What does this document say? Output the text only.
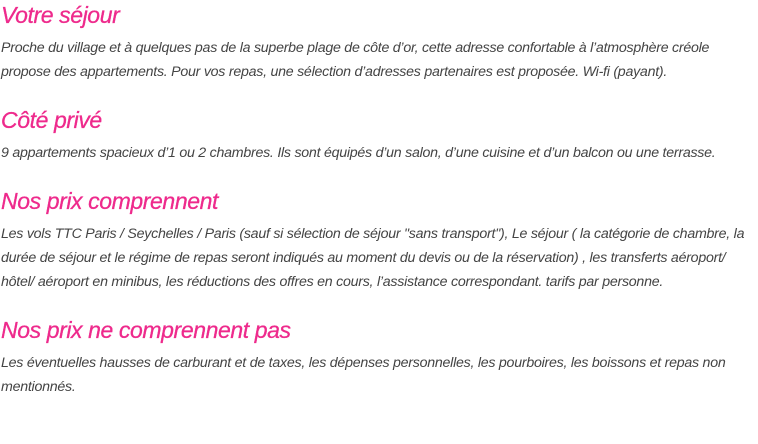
Votre séjour

Proche du village et à quelques pas de la superbe plage de côte d’or, cette adresse confortable à l’atmosphère créole propose des appartements. Pour vos repas, une sélection d’adresses partenaires est proposée. Wi-fi (payant).

Côté privé

9 appartements spacieux d’1 ou 2 chambres. Ils sont équipés d’un salon, d’une cuisine et d’un balcon ou une terrasse.

Nos prix comprennent

Les vols TTC Paris / Seychelles / Paris (sauf si sélection de séjour "sans transport"), Le séjour ( la catégorie de chambre, la durée de séjour et le régime de repas seront indiqués au moment du devis ou de la réservation) , les transferts aéroport/ hôtel/ aéroport en minibus, les réductions des offres en cours, l’assistance correspondant. tarifs par personne.

Nos prix ne comprennent pas

Les éventuelles hausses de carburant et de taxes, les dépenses personnelles, les pourboires, les boissons et repas non mentionnés.
